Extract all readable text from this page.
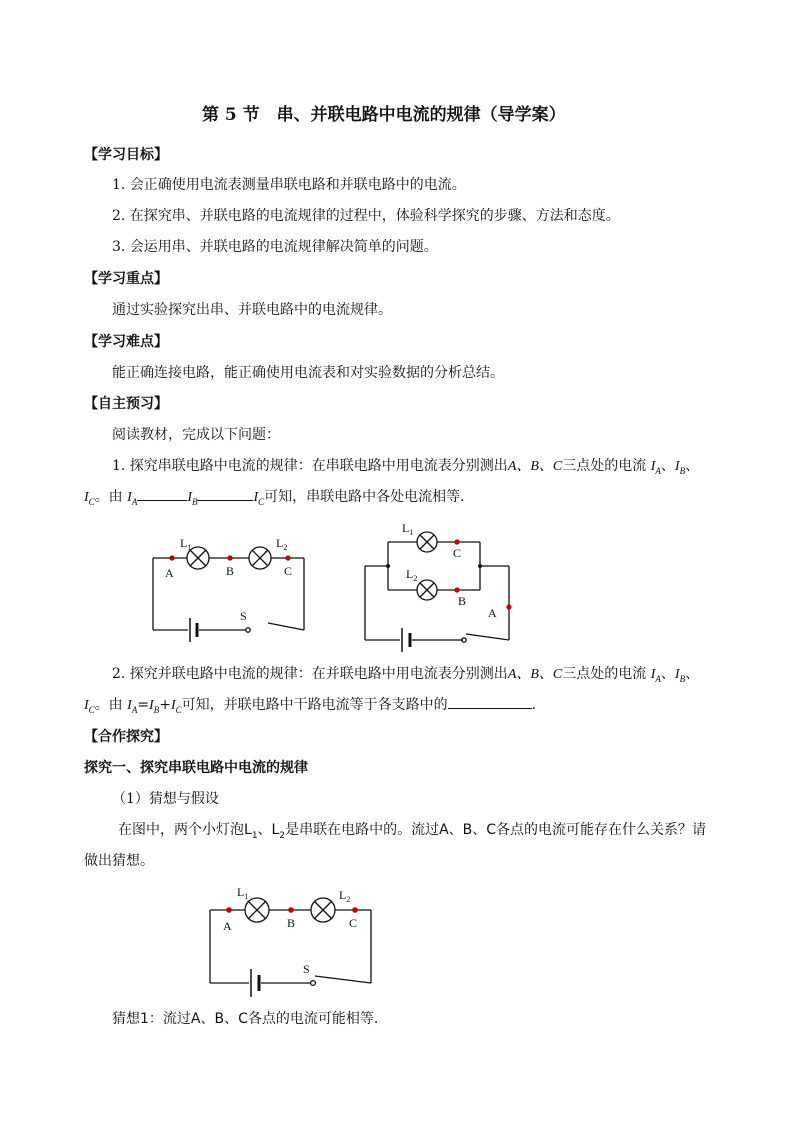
第 5 节　串、并联电路中电流的规律（导学案）
【学习目标】
1. 会正确使用电流表测量串联电路和并联电路中的电流。
2. 在探究串、并联电路的电流规律的过程中，体验科学探究的步骤、方法和态度。
3. 会运用串、并联电路的电流规律解决简单的问题。
【学习重点】
通过实验探究出串、并联电路中的电流规律。
【学习难点】
能正确连接电路，能正确使用电流表和对实验数据的分析总结。
【自主预习】
阅读教材，完成以下问题：
1. 探究串联电路中电流的规律：在串联电路中用电流表分别测出A、B、C三点处的电流 $I_A$、$I_B$、
$I_C$。由 $I_A$	$I_B$	$I_C$可知，串联电路中各处电流相等.
$L_1$	$L_2$
A	B	C
S
$L_1$
$L_2$
C
B
A
2. 探究并联电路中电流的规律：在并联电路中用电流表分别测出A、B、C三点处的电流 $I_A$、$I_B$、
$I_C$。由 $I_A=I_B+I_C$可知，并联电路中干路电流等于各支路中的	.
【合作探究】
探究一、探究串联电路中电流的规律
（1）猜想与假设
在图中，两个小灯泡$L_1$、$L_2$是串联在电路中的。流过A、B、C各点的电流可能存在什么关系？请
做出猜想。
$L_1$	$L_2$
A	B	C
S
猜想1：流过A、B、C各点的电流可能相等.
